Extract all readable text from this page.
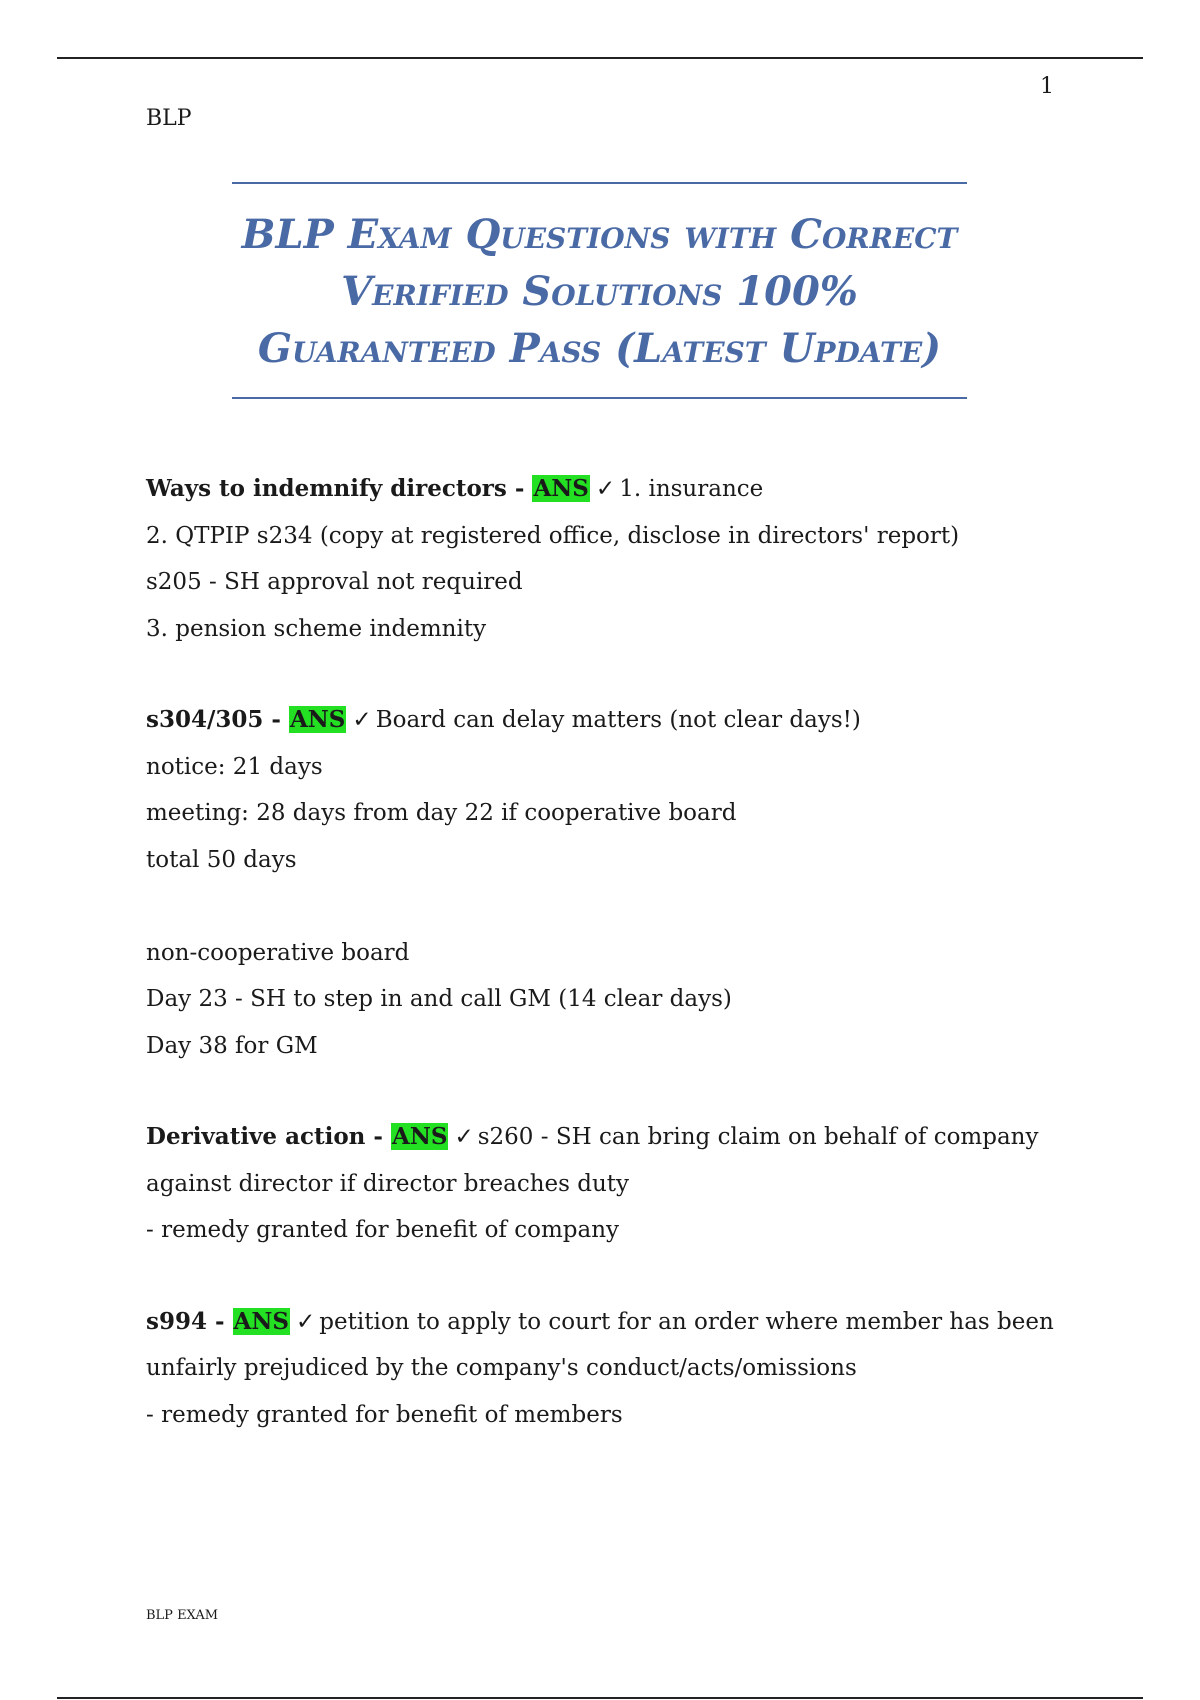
1
BLP
BLP Exam Questions with Correct
Verified Solutions 100%
Guaranteed Pass (Latest Update)
Ways to indemnify directors - ANS ✓ 1. insurance
2. QTPIP s234 (copy at registered office, disclose in directors' report)
s205 - SH approval not required
3. pension scheme indemnity
s304/305 - ANS ✓ Board can delay matters (not clear days!)
notice: 21 days
meeting: 28 days from day 22 if cooperative board
total 50 days
non-cooperative board
Day 23 - SH to step in and call GM (14 clear days)
Day 38 for GM
Derivative action - ANS ✓ s260 - SH can bring claim on behalf of company
against director if director breaches duty
- remedy granted for benefit of company
s994 - ANS ✓ petition to apply to court for an order where member has been
unfairly prejudiced by the company's conduct/acts/omissions
- remedy granted for benefit of members
BLP EXAM
